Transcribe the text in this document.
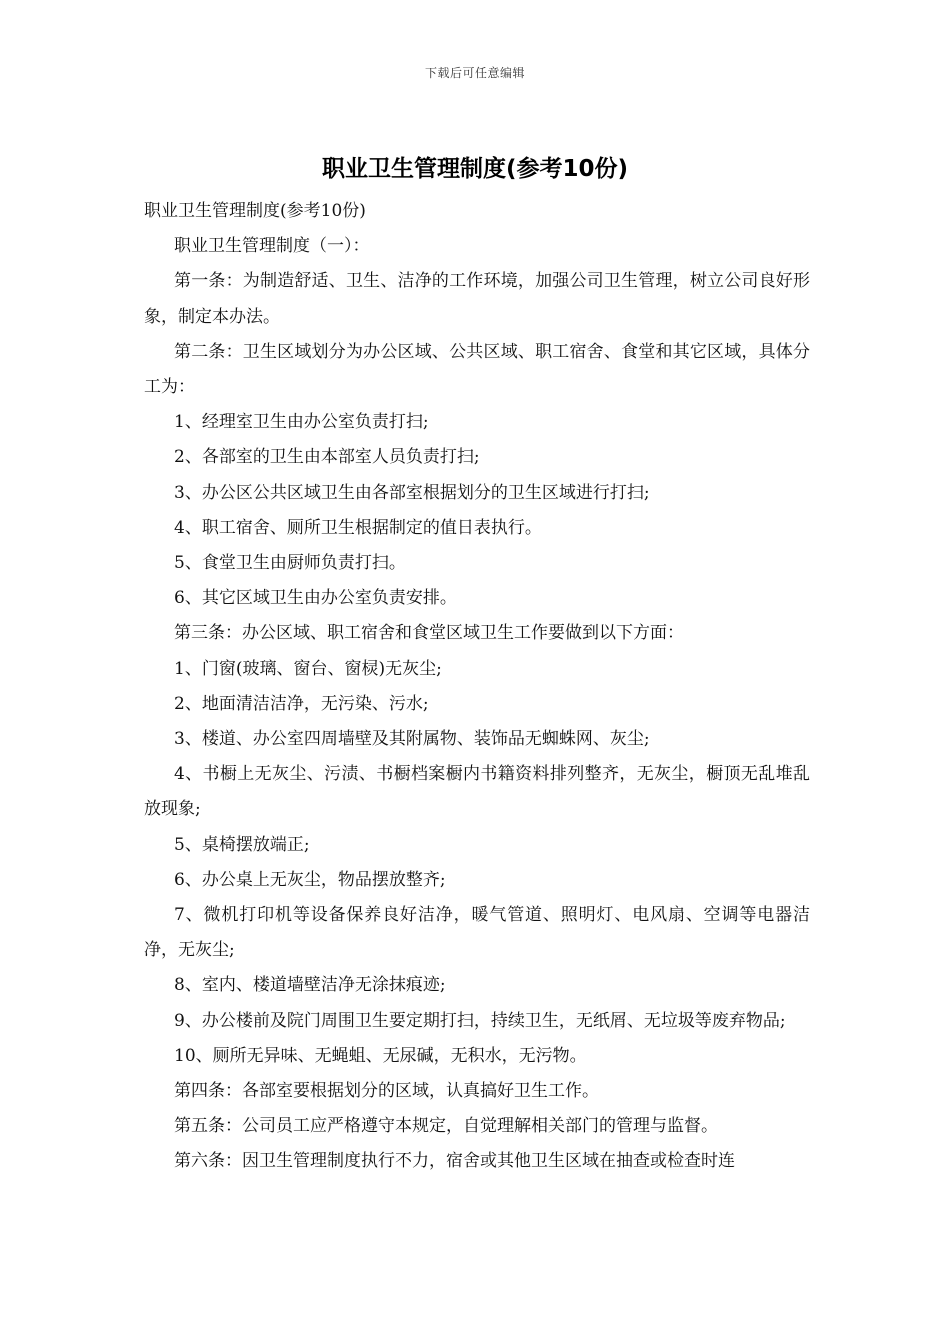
下载后可任意编辑
职业卫生管理制度(参考10份)

职业卫生管理制度(参考10份)

职业卫生管理制度（一）：

第一条：为制造舒适、卫生、洁净的工作环境，加强公司卫生管理，树立公司良好形象，制定本办法。

第二条：卫生区域划分为办公区域、公共区域、职工宿舍、食堂和其它区域，具体分工为：

1、经理室卫生由办公室负责打扫;

2、各部室的卫生由本部室人员负责打扫;

3、办公区公共区域卫生由各部室根据划分的卫生区域进行打扫;

4、职工宿舍、厕所卫生根据制定的值日表执行。

5、食堂卫生由厨师负责打扫。

6、其它区域卫生由办公室负责安排。

第三条：办公区域、职工宿舍和食堂区域卫生工作要做到以下方面：

1、门窗(玻璃、窗台、窗棂)无灰尘;

2、地面清洁洁净，无污染、污水;

3、楼道、办公室四周墙壁及其附属物、装饰品无蜘蛛网、灰尘;

4、书橱上无灰尘、污渍、书橱档案橱内书籍资料排列整齐，无灰尘，橱顶无乱堆乱放现象;

5、桌椅摆放端正;

6、办公桌上无灰尘，物品摆放整齐;

7、微机打印机等设备保养良好洁净，暖气管道、照明灯、电风扇、空调等电器洁净，无灰尘;

8、室内、楼道墙壁洁净无涂抹痕迹;

9、办公楼前及院门周围卫生要定期打扫，持续卫生，无纸屑、无垃圾等废弃物品;

10、厕所无异味、无蝇蛆、无尿碱，无积水，无污物。

第四条：各部室要根据划分的区域，认真搞好卫生工作。

第五条：公司员工应严格遵守本规定，自觉理解相关部门的管理与监督。

第六条：因卫生管理制度执行不力，宿舍或其他卫生区域在抽查或检查时连
